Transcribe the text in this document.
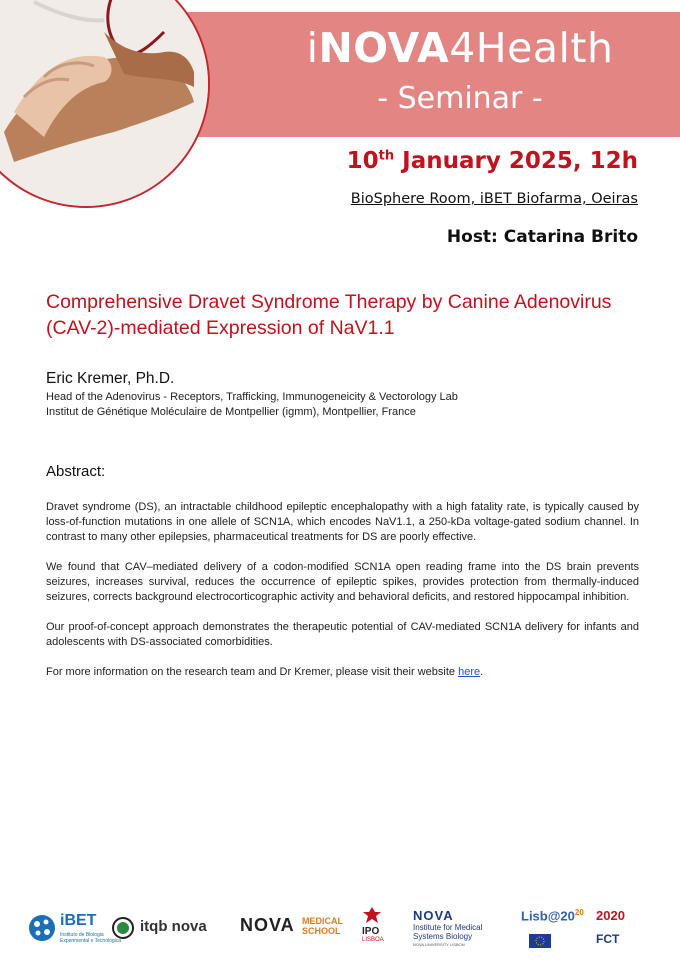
iNOVA4Health
- Seminar -
10th January 2025, 12h
BioSphere Room, iBET Biofarma, Oeiras
Host: Catarina Brito
Comprehensive Dravet Syndrome Therapy by Canine Adenovirus (CAV-2)-mediated Expression of NaV1.1
Eric Kremer, Ph.D.
Head of the Adenovirus - Receptors, Trafficking, Immunogeneicity & Vectorology Lab
Institut de Génétique Moléculaire de Montpellier (igmm), Montpellier, France
Abstract:

Dravet syndrome (DS), an intractable childhood epileptic encephalopathy with a high fatality rate, is typically caused by loss-of-function mutations in one allele of SCN1A, which encodes NaV1.1, a 250-kDa voltage-gated sodium channel. In contrast to many other epilepsies, pharmaceutical treatments for DS are poorly effective.

We found that CAV–mediated delivery of a codon-modified SCN1A open reading frame into the DS brain prevents seizures, increases survival, reduces the occurrence of epileptic spikes, provides protection from thermally-induced seizures, corrects background electrocorticographic activity and behavioral deficits, and restored hippocampal inhibition.

Our proof-of-concept approach demonstrates the therapeutic potential of CAV-mediated SCN1A delivery for infants and adolescents with DS-associated comorbidities.

For more information on the research team and Dr Kremer, please visit their website here.

iBET
Instituto de Biologia
Experimental e Tecnológica
itqb nova NOVA MEDICAL
SCHOOL IPO
LISBOA
NOVA
Institute for Medical
Systems Biology
NOVA UNIVERSITY LISBON
$Lisb@20^{20}$ 2020
FCT
